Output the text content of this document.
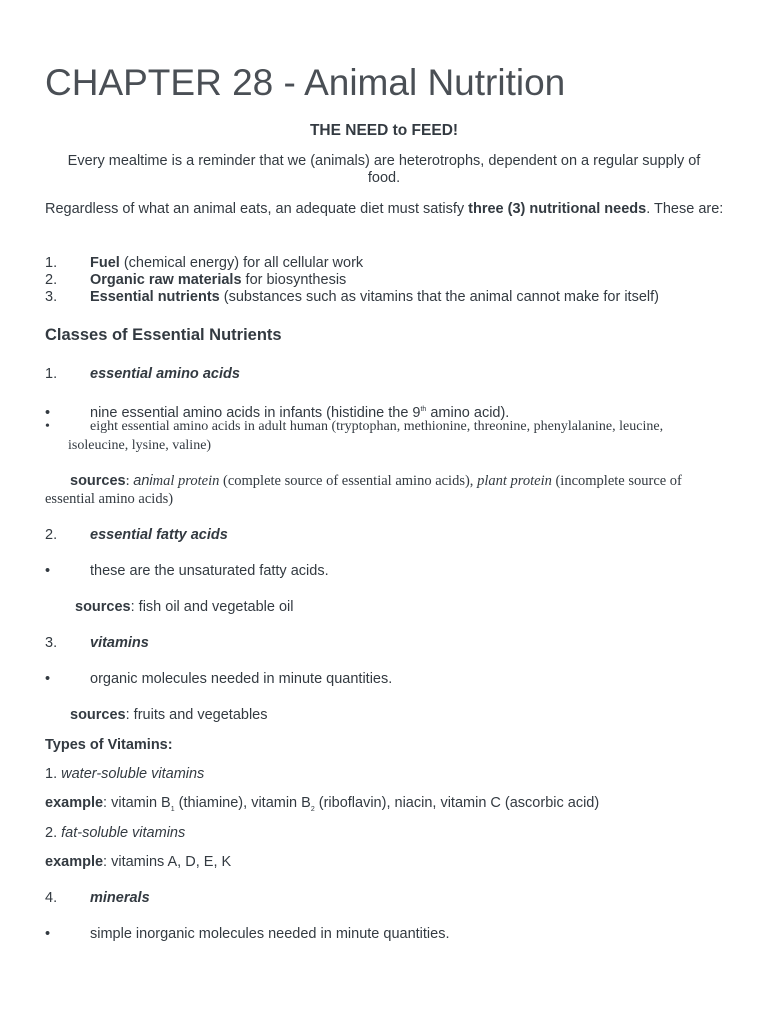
CHAPTER 28 - Animal Nutrition
THE NEED to FEED!
Every mealtime is a reminder that we (animals) are heterotrophs, dependent on a regular supply of food.
Regardless of what an animal eats, an adequate diet must satisfy three (3) nutritional needs. These are:
1. Fuel (chemical energy) for all cellular work
2. Organic raw materials for biosynthesis
3. Essential nutrients (substances such as vitamins that the animal cannot make for itself)
Classes of Essential Nutrients
1. essential amino acids
•	nine essential amino acids in infants (histidine the 9th amino acid).
•	eight essential amino acids in adult human (tryptophan, methionine, threonine, phenylalanine, leucine,
isoleucine, lysine, valine)
sources: animal protein (complete source of essential amino acids), plant protein (incomplete source of
essential amino acids)
2. essential fatty acids
•	these are the unsaturated fatty acids.
sources: fish oil and vegetable oil
3. vitamins
•	organic molecules needed in minute quantities.
sources: fruits and vegetables
Types of Vitamins:
1. water-soluble vitamins
example: vitamin $B_1$ (thiamine), vitamin $B_2$ (riboflavin), niacin, vitamin C (ascorbic acid)
2. fat-soluble vitamins
example: vitamins A, D, E, K
4. minerals
•	simple inorganic molecules needed in minute quantities.
